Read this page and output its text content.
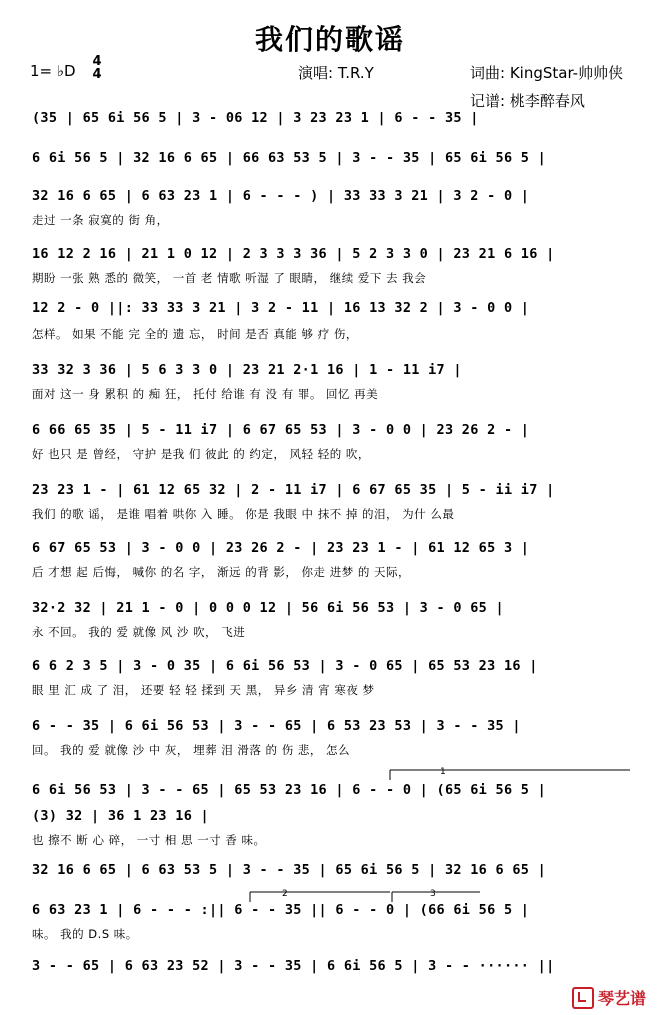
我们的歌谣
1= ♭D
4
4	演唱: T.R.Y	词曲: KingStar-帅帅侠
记谱: 桃李醉春风
(35 | 65 6i 56 5 | 3 - 06 12 | 3 23 23 1 | 6 - - 35 |
6 6i 56 5 | 32 16 6 65 | 66 63 53 5 | 3 - - 35 | 65 6i 56 5 |
32 16 6 65 | 6 63 23 1 | 6 - - - ) | 33 33 3 21 | 3 2 - 0 |
走过 一条 寂寞的 街 角，
16 12 2 16 | 21 1 0 12 | 2 3 3 3 36 | 5 2 3 3 0 | 23 21 6 16 |
期盼 一张 熟 悉的 微笑， 一首 老 情歌 听湿 了 眼睛， 继续 爱下 去 我会
12 2 - 0 ||: 33 33 3 21 | 3 2 - 11 | 16 13 32 2 | 3 - 0 0 |
怎样。 如果 不能 完 全的 遗 忘， 时间 是否 真能 够 疗 伤，
33 32 3 36 | 5 6 3 3 0 | 23 21 2·1 16 | 1 - 11 i7 |
面对 这一 身 累积 的 痴 狂， 托付 给谁 有 没 有 罪。 回忆 再美
6 66 65 35 | 5 - 11 i7 | 6 67 65 53 | 3 - 0 0 | 23 26 2 - |
好 也只 是 曾经， 守护 是我 们 彼此 的 约定， 风轻 轻的 吹，
23 23 1 - | 61 12 65 32 | 2 - 11 i7 | 6 67 65 35 | 5 - ii i7 |
我们 的歌 谣， 是谁 唱着 哄你 入 睡。 你是 我眼 中 抹不 掉 的泪， 为什 么最
6 67 65 53 | 3 - 0 0 | 23 26 2 - | 23 23 1 - | 61 12 65 3 |
后 才想 起 后悔， 喊你 的名 字， 渐远 的背 影， 你走 进梦 的 天际，
32·2 32 | 21 1 - 0 | 0 0 0 12 | 56 6i 56 53 | 3 - 0 65 |
永 不回。 我的 爱 就像 风 沙 吹， 飞进
6 6 2 3 5 | 3 - 0 35 | 6 6i 56 53 | 3 - 0 65 | 65 53 23 16 |
眼 里 汇 成 了 泪， 还要 轻 轻 揉到 天 黑， 异乡 清 宵 寒夜 梦
6 - - 35 | 6 6i 56 53 | 3 - - 65 | 6 53 23 53 | 3 - - 35 |
回。 我的 爱 就像 沙 中 灰， 埋葬 泪 滑落 的 伤 悲， 怎么
6 6i 56 53 | 3 - - 65 | 65 53 23 16 | 6 - - 0 | (65 6i 56 5 |
(3) 32 | 36 1 23 16 |
也 擦不 断 心 碎， 一寸 相 思 一寸 香 味。
32 16 6 65 | 6 63 53 5 | 3 - - 35 | 65 6i 56 5 | 32 16 6 65 |
6 63 23 1 | 6 - - - :|| 6 - - 35 || 6 - - 0 | (66 6i 56 5 |
味。 我的 D.S 味。
3 - - 65 | 6 63 23 52 | 3 - - 35 | 6 6i 56 5 | 3 - - ······ ||
1
2	3
琴艺谱
